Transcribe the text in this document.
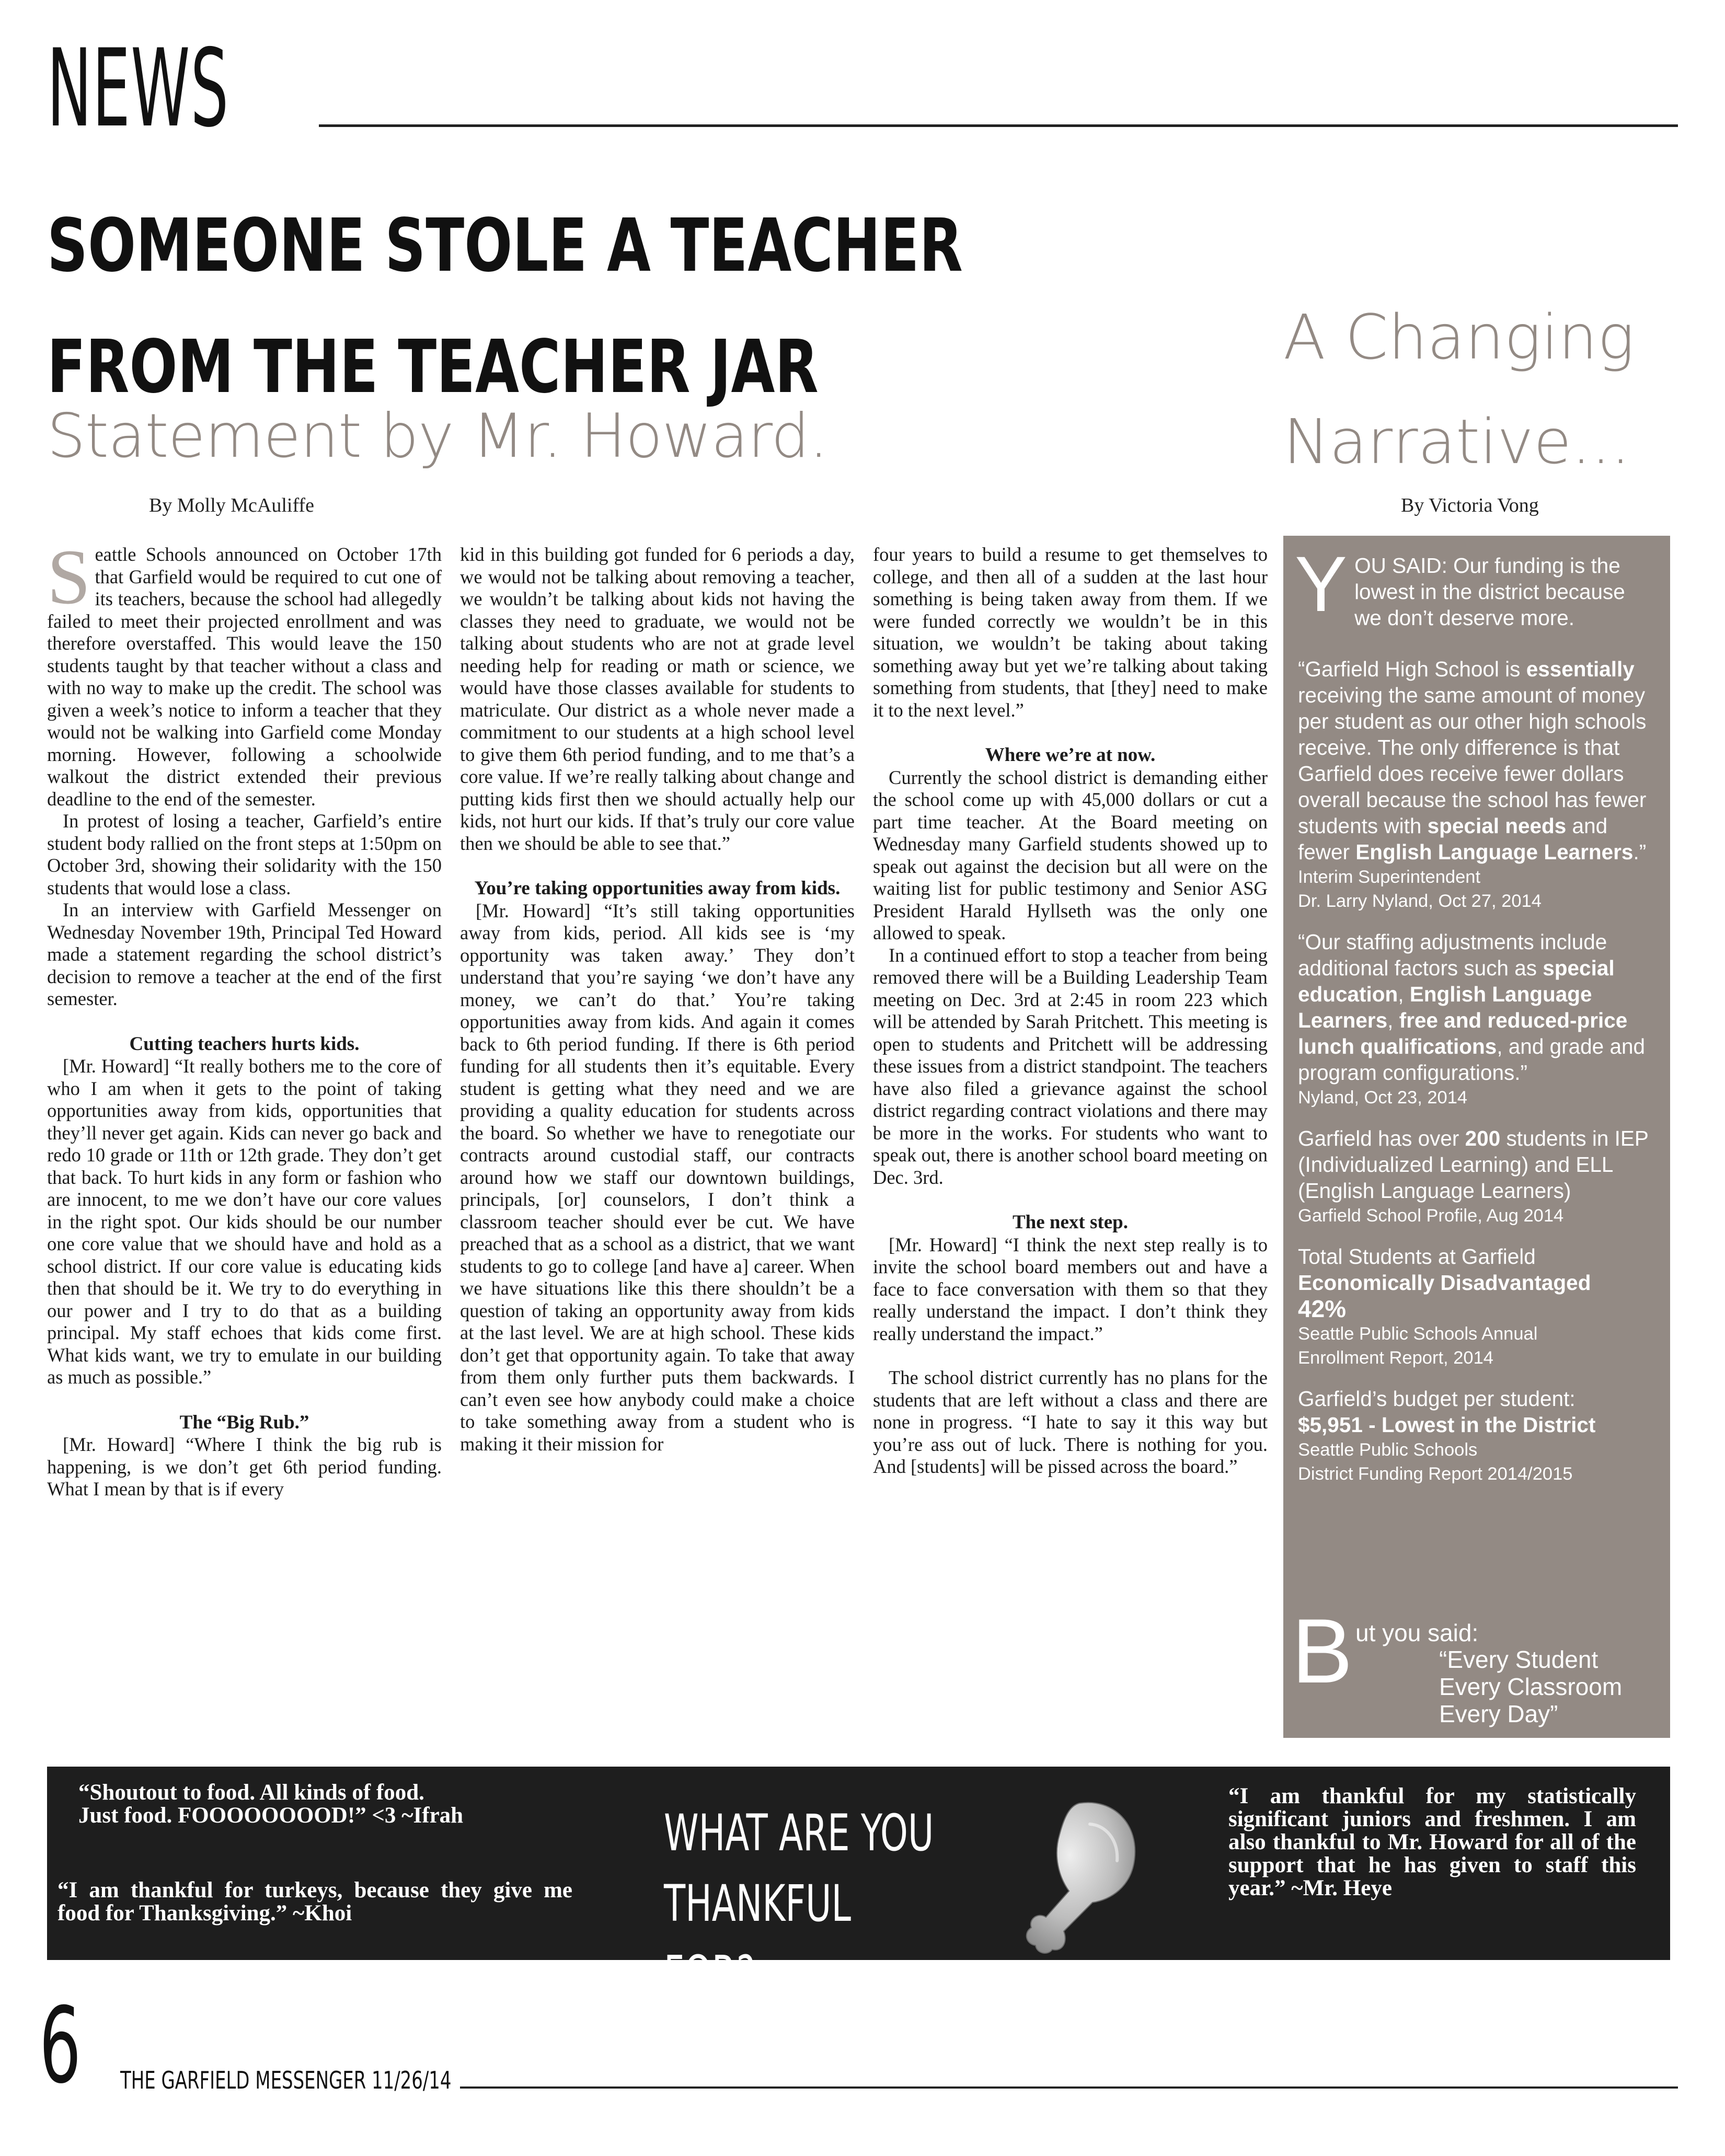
NEWS
SOMEONE STOLE A TEACHER
FROM THE TEACHER JAR
Statement by Mr. Howard.
By Molly McAuliffe
A Changing
Narrative...
By Victoria Vong
S eattle Schools announced on October 17th that Garfield would be required to cut one of its teachers, because the school had allegedly failed to meet their projected enrollment and was therefore overstaffed. This would leave the 150 students taught by that teacher without a class and with no way to make up the credit. The school was given a week’s notice to inform a teacher that they would not be walking into Garfield come Monday morning. However, following a schoolwide walkout the district extended their previous deadline to the end of the semester.

In protest of losing a teacher, Garfield’s entire student body rallied on the front steps at 1:50pm on October 3rd, showing their solidarity with the 150 students that would lose a class.

In an interview with Garfield Messenger on Wednesday November 19th, Principal Ted Howard made a statement regarding the school district’s decision to remove a teacher at the end of the first semester.

Cutting teachers hurts kids.

[Mr. Howard] “It really bothers me to the core of who I am when it gets to the point of taking opportunities away from kids, opportunities that they’ll never get again. Kids can never go back and redo 10 grade or 11th or 12th grade. They don’t get that back. To hurt kids in any form or fashion who are innocent, to me we don’t have our core values in the right spot. Our kids should be our number one core value that we should have and hold as a school district. If our core value is educating kids then that should be it. We try to do everything in our power and I try to do that as a building principal. My staff echoes that kids come first. What kids want, we try to emulate in our building as much as possible.”

The “Big Rub.”

[Mr. Howard] “Where I think the big rub is happening, is we don’t get 6th period funding. What I mean by that is if every

kid in this building got funded for 6 periods a day, we would not be talking about removing a teacher, we wouldn’t be talking about kids not having the classes they need to graduate, we would not be talking about students who are not at grade level needing help for reading or math or science, we would have those classes available for students to matriculate. Our district as a whole never made a commitment to our students at a high school level to give them 6th period funding, and to me that’s a core value. If we’re really talking about change and putting kids first then we should actually help our kids, not hurt our kids. If that’s truly our core value then we should be able to see that.”

You’re taking opportunities away from kids.

[Mr. Howard] “It’s still taking opportunities away from kids, period. All kids see is ‘my opportunity was taken away.’ They don’t understand that you’re saying ‘we don’t have any money, we can’t do that.’ You’re taking opportunities away from kids. And again it comes back to 6th period funding. If there is 6th period funding for all students then it’s equitable. Every student is getting what they need and we are providing a quality education for students across the board. So whether we have to renegotiate our contracts around custodial staff, our contracts around how we staff our downtown buildings, principals, [or] counselors, I don’t think a classroom teacher should ever be cut. We have preached that as a school as a district, that we want students to go to college [and have a] career. When we have situations like this there shouldn’t be a question of taking an opportunity away from kids at the last level. We are at high school. These kids don’t get that opportunity again. To take that away from them only further puts them backwards. I can’t even see how anybody could make a choice to take something away from a student who is making it their mission for

four years to build a resume to get themselves to college, and then all of a sudden at the last hour something is being taken away from them. If we were funded correctly we wouldn’t be in this situation, we wouldn’t be taking about taking something away but yet we’re talking about taking something from students, that [they] need to make it to the next level.”

Where we’re at now.

Currently the school district is demanding either the school come up with 45,000 dollars or cut a part time teacher. At the Board meeting on Wednesday many Garfield students showed up to speak out against the decision but all were on the waiting list for public testimony and Senior ASG President Harald Hyllseth was the only one allowed to speak.

In a continued effort to stop a teacher from being removed there will be a Building Leadership Team meeting on Dec. 3rd at 2:45 in room 223 which will be attended by Sarah Pritchett. This meeting is open to students and Pritchett will be addressing these issues from a district standpoint. The teachers have also filed a grievance against the school district regarding contract violations and there may be more in the works. For students who want to speak out, there is another school board meeting on Dec. 3rd.

The next step.

[Mr. Howard] “I think the next step really is to invite the school board members out and have a face to face conversation with them so that they really understand the impact. I don’t think they really understand the impact.”

The school district currently has no plans for the students that are left without a class and there are none in progress. “I hate to say it this way but you’re ass out of luck. There is nothing for you. And [students] will be pissed across the board.”

YOU SAID: Our funding is the lowest in the district because we don’t deserve more.

“Garfield High School is essentially receiving the same amount of money per student as our other high schools receive. The only difference is that Garfield does receive fewer dollars overall because the school has fewer students with special needs and fewer English Language Learners.”

Interim Superintendent

Dr. Larry Nyland, Oct 27, 2014

“Our staffing adjustments include additional factors such as special education, English Language Learners, free and reduced-price lunch qualifications, and grade and program configurations.”

Nyland, Oct 23, 2014

Garfield has over 200 students in IEP (Individualized Learning) and ELL (English Language Learners)

Garfield School Profile, Aug 2014

Total Students at Garfield

Economically Disadvantaged

42%

Seattle Public Schools Annual

Enrollment Report, 2014

Garfield’s budget per student:

$5,951 - Lowest in the District

Seattle Public Schools

District Funding Report 2014/2015

B ut you said:
“Every Student
Every Classroom
Every Day”
“Shoutout to food. All kinds of food.
Just food. FOOOOOOOOD!” <3 ~Ifrah
“I am thankful for turkeys, because they give me food for Thanksgiving.” ~Khoi
WHAT ARE YOU
THANKFUL FOR?
“I am thankful for my statistically significant juniors and freshmen. I am also thankful to Mr. Howard for all of the support that he has given to staff this year.” ~Mr. Heye
6 THE GARFIELD MESSENGER 11/26/14
